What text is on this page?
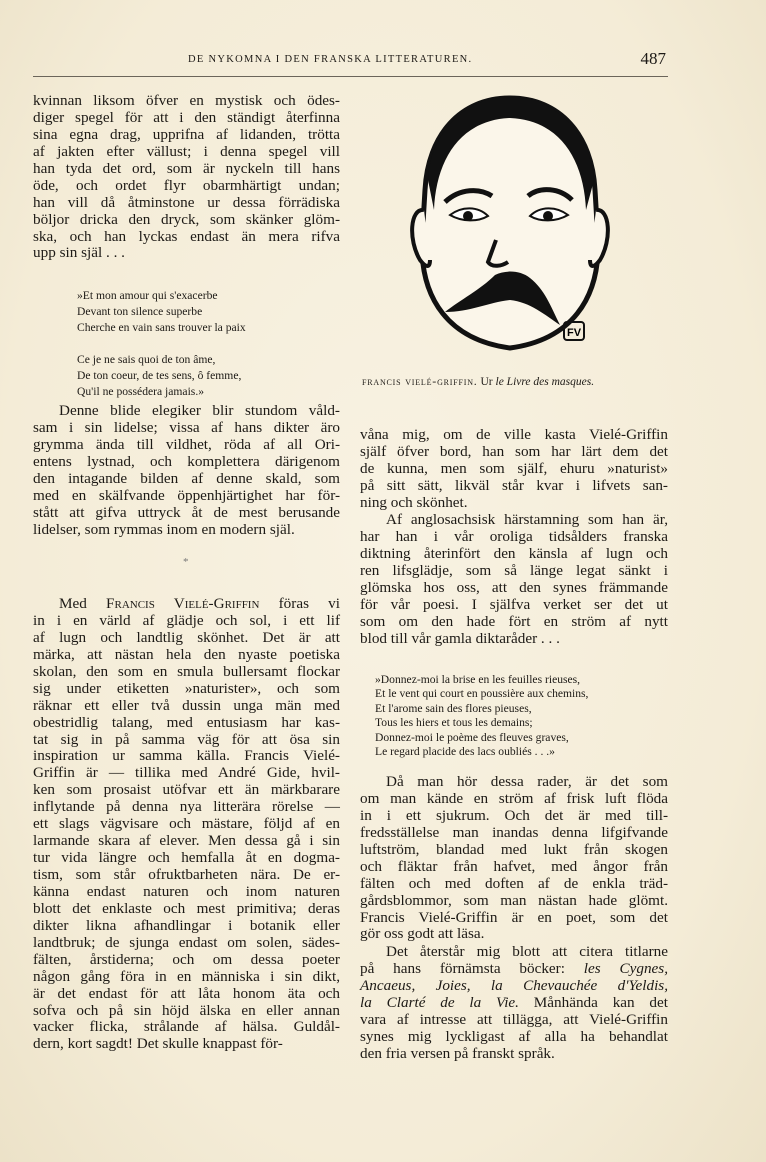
DE NYKOMNA I DEN FRANSKA LITTERATUREN.	487
kvinnan liksom öfver en mystisk och ödes-
diger spegel för att i den ständigt återfinna
sina egna drag, upprifna af lidanden, trötta
af jakten efter vällust; i denna spegel vill
han tyda det ord, som är nyckeln till hans
öde, och ordet flyr obarmhärtigt undan;
han vill då åtminstone ur dessa förrädiska
böljor dricka den dryck, som skänker glöm-
ska, och han lyckas endast än mera rifva
upp sin själ . . .
»Et mon amour qui s'exacerbe
Devant ton silence superbe
Cherche en vain sans trouver la paix
Ce je ne sais quoi de ton âme,
De ton coeur, de tes sens, ô femme,
Qu'il ne possédera jamais.»
Denne blide elegiker blir stundom våld-
sam i sin lidelse; vissa af hans dikter äro
grymma ända till vildhet, röda af all Ori-
entens lystnad, och komplettera därigenom
den intagande bilden af denne skald, som
med en skälfvande öppenhjärtighet har för-
stått att gifva uttryck åt de mest berusande
lidelser, som rymmas inom en modern själ.
*
Med Francis Vielé-Griffin föras vi
in i en värld af glädje och sol, i ett lif
af lugn och landtlig skönhet. Det är att
märka, att nästan hela den nyaste poetiska
skolan, den som en smula bullersamt flockar
sig under etiketten »naturister», och som
räknar ett eller två dussin unga män med
obestridlig talang, med entusiasm har kas-
tat sig in på samma väg för att ösa sin
inspiration ur samma källa. Francis Vielé-
Griffin är — tillika med André Gide, hvil-
ken som prosaist utöfvar ett än märkbarare
inflytande på denna nya litterära rörelse —
ett slags vägvisare och mästare, följd af en
larmande skara af elever. Men dessa gå i sin
tur vida längre och hemfalla åt en dogma-
tism, som står ofruktbarheten nära. De er-
känna endast naturen och inom naturen
blott det enklaste och mest primitiva; deras
dikter likna afhandlingar i botanik eller
landtbruk; de sjunga endast om solen, sädes-
fälten, årstiderna; och om dessa poeter
någon gång föra in en människa i sin dikt,
är det endast för att låta honom äta och
sofva och på sin höjd älska en eller annan
vacker flicka, strålande af hälsa. Guldål-
dern, kort sagdt! Det skulle knappast för-
FV
francis vielé-griffin. Ur le Livre des masques.
våna mig, om de ville kasta Vielé-Griffin
själf öfver bord, han som har lärt dem det
de kunna, men som själf, ehuru »naturist»
på sitt sätt, likväl står kvar i lifvets san-
ning och skönhet.
Af anglosachsisk härstamning som han är,
har han i vår oroliga tidsålders franska
diktning återinfört den känsla af lugn och
ren lifsglädje, som så länge legat sänkt i
glömska hos oss, att den synes främmande
för vår poesi. I själfva verket ser det ut
som om den hade fört en ström af nytt
blod till vår gamla diktaråder . . .
»Donnez-moi la brise en les feuilles rieuses,
Et le vent qui court en poussière aux chemins,
Et l'arome sain des flores pieuses,
Tous les hiers et tous les demains;
Donnez-moi le poème des fleuves graves,
Le regard placide des lacs oubliés . . .»
Då man hör dessa rader, är det som
om man kände en ström af frisk luft flöda
in i ett sjukrum. Och det är med till-
fredsställelse man inandas denna lifgifvande
luftström, blandad med lukt från skogen
och fläktar från hafvet, med ångor från
fälten och med doften af de enkla träd-
gårdsblommor, som man nästan hade glömt.
Francis Vielé-Griffin är en poet, som det
gör oss godt att läsa.
Det återstår mig blott att citera titlarne
på hans förnämsta böcker: les Cygnes,
Ancaeus, Joies, la Chevauchée d'Yeldis,
la Clarté de la Vie. Månhända kan det
vara af intresse att tillägga, att Vielé-Griffin
synes mig lyckligast af alla ha behandlat
den fria versen på franskt språk.
